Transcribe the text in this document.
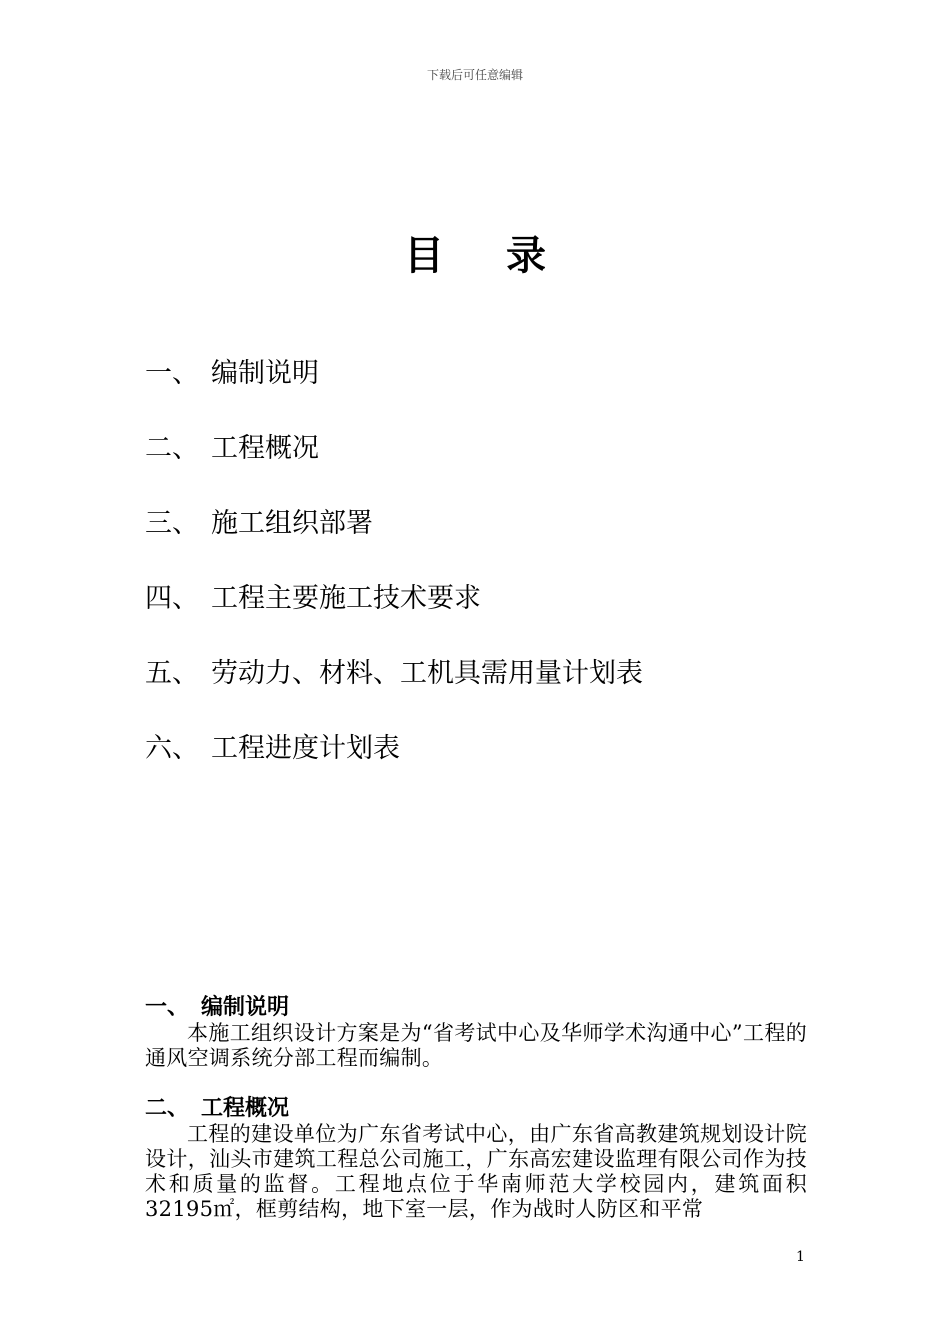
下载后可任意编辑
目 录
一、 编制说明
二、 工程概况
三、 施工组织部署
四、 工程主要施工技术要求
五、 劳动力、材料、工机具需用量计划表
六、 工程进度计划表
一、 编制说明

本施工组织设计方案是为“省考试中心及华师学术沟通中心”工程的通风空调系统分部工程而编制。

二、 工程概况

工程的建设单位为广东省考试中心，由广东省高教建筑规划设计院设计，汕头市建筑工程总公司施工，广东高宏建设监理有限公司作为技术和质量的监督。工程地点位于华南师范大学校园内，建筑面积 32195㎡，框剪结构，地下室一层，作为战时人防区和平常

1
